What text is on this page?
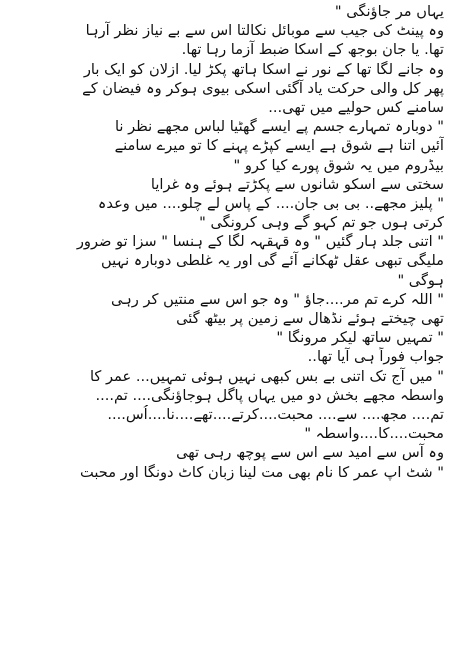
یہاں مر جاؤنگی "
وہ پینٹ کی جیب سے موبائل نکالتا اس سے بے نیاز نظر آرہا
تھا. یا جان بوجھ کے اسکا ضبط آزما رہا تھا.
وہ جانے لگا تھا کے نور نے اسکا ہاتھ پکڑ لیا. ازلان کو ایک بار
پھر کل والی حرکت یاد آگئی اسکی بیوی ہوکر وہ فیضان کے
سامنے کس حولیے میں تھی...
" دوبارہ تمہارے جسم پے ایسے گھٹیا لباس مجھے نظر نا
آئیں اتنا ہے شوق ہے ایسے کپڑے پہنے کا تو میرے سامنے
بیڈروم میں یہ شوق پورے کیا کرو "
سختی سے اسکو شانوں سے پکڑتے ہوئے وہ غرایا
" پلیز مجھے.. بی بی جان.... کے پاس لے چلو.... میں وعدہ
کرتی ہوں جو تم کہو گے وہی کرونگی "
" اتنی جلد ہار گئیں " وہ قہقہہ لگا کے ہنسا " سزا تو ضرور
ملیگی تبھی عقل ٹھکانے آئے گی اور یہ غلطی دوبارہ نہیں
ہوگی "
" اللہ کرے تم مر....جاؤ " وہ جو اس سے منتیں کر رہی
تھی چیختے ہوئے نڈھال سے زمین پر بیٹھ گئی
" تمہیں ساتھ لیکر مرونگا "
جواب فوراً ہی آیا تھا..
" میں آج تک اتنی بے بس کبھی نہیں ہوئی تمہیں... عمر کا
واسطہ مجھے بخش دو میں یہاں پاگل ہوجاؤنگی.... تم....
تم.... مجھ.... سے.... محبت....کرتے....تھے....نا....اُس....
محبت....کا....واسطہ "
وہ آس سے امید سے اس سے پوچھ رہی تھی
" شٹ اپ عمر کا نام بھی مت لینا زبان کاٹ دونگا اور محبت
